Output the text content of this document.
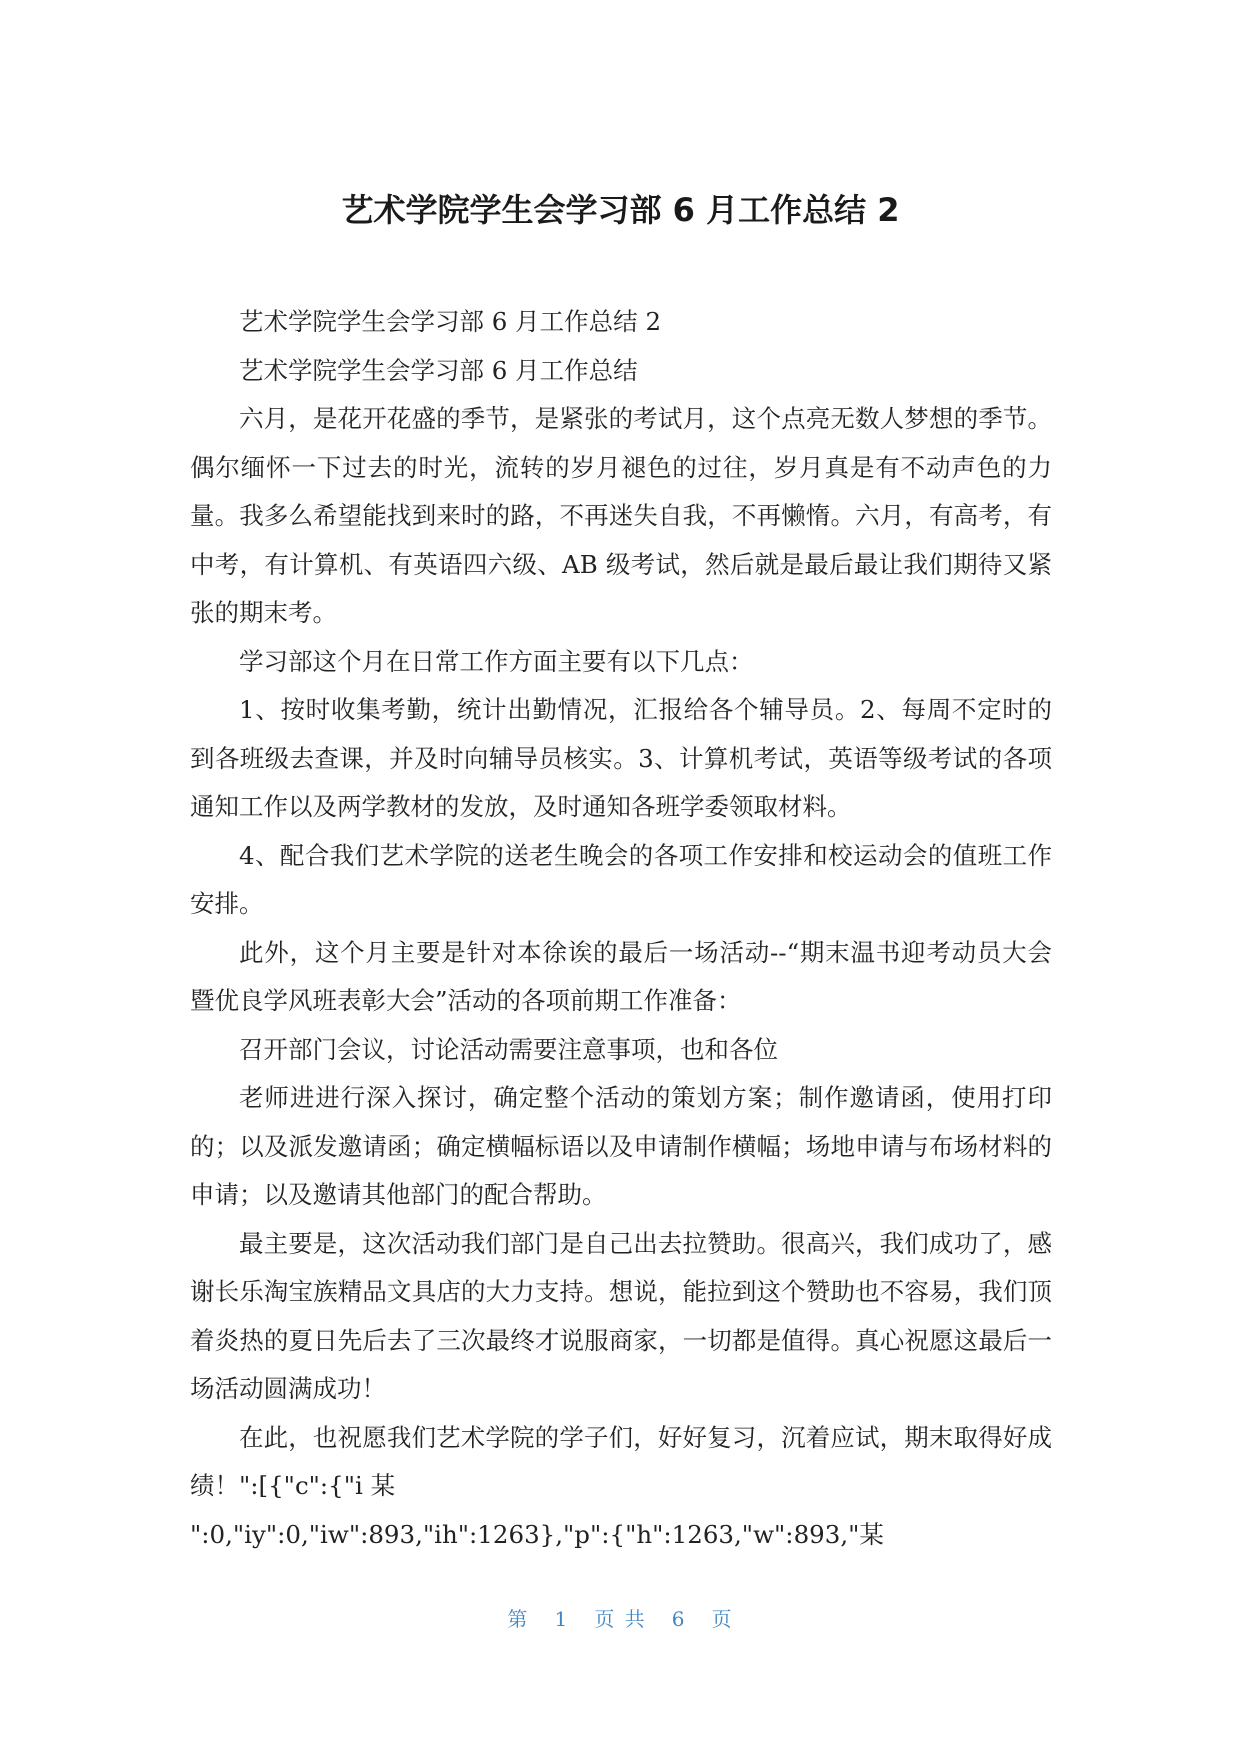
艺术学院学生会学习部 6 月工作总结 2

艺术学院学生会学习部 6 月工作总结 2

艺术学院学生会学习部 6 月工作总结

六月，是花开花盛的季节，是紧张的考试月，这个点亮无数人梦想的季节。偶尔缅怀一下过去的时光，流转的岁月褪色的过往，岁月真是有不动声色的力量。我多么希望能找到来时的路，不再迷失自我，不再懒惰。六月，有高考，有中考，有计算机、有英语四六级、AB 级考试，然后就是最后最让我们期待又紧张的期末考。

学习部这个月在日常工作方面主要有以下几点：

1、按时收集考勤，统计出勤情况，汇报给各个辅导员。2、每周不定时的到各班级去查课，并及时向辅导员核实。3、计算机考试，英语等级考试的各项通知工作以及两学教材的发放，及时通知各班学委领取材料。

4、配合我们艺术学院的送老生晚会的各项工作安排和校运动会的值班工作安排。

此外，这个月主要是针对本徐诶的最后一场活动--“期末温书迎考动员大会暨优良学风班表彰大会”活动的各项前期工作准备：

召开部门会议，讨论活动需要注意事项，也和各位

老师进进行深入探讨，确定整个活动的策划方案；制作邀请函，使用打印的；以及派发邀请函；确定横幅标语以及申请制作横幅；场地申请与布场材料的申请；以及邀请其他部门的配合帮助。

最主要是，这次活动我们部门是自己出去拉赞助。很高兴，我们成功了，感谢长乐淘宝族精品文具店的大力支持。想说，能拉到这个赞助也不容易，我们顶着炎热的夏日先后去了三次最终才说服商家，一切都是值得。真心祝愿这最后一场活动圆满成功！

在此，也祝愿我们艺术学院的学子们，好好复习，沉着应试，期末取得好成绩！":[{"c":{"i 某

":0,"iy":0,"iw":893,"ih":1263},"p":{"h":1263,"w":893,"某

第 1 页 共 6 页
